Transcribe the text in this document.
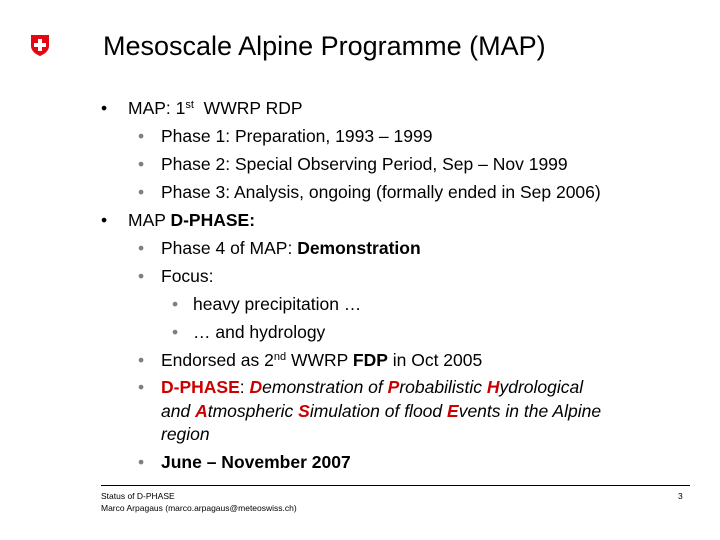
Mesoscale Alpine Programme (MAP)
• MAP: 1st  WWRP RDP
• Phase 1: Preparation, 1993 – 1999
• Phase 2: Special Observing Period, Sep – Nov 1999
• Phase 3: Analysis, ongoing (formally ended in Sep 2006)
• MAP D-PHASE:
• Phase 4 of MAP: Demonstration
• Focus:
• heavy precipitation …
• … and hydrology
• Endorsed as 2nd WWRP FDP in Oct 2005
• D-PHASE: Demonstration of Probabilistic Hydrological
and Atmospheric Simulation of flood Events in the Alpine
region
• June – November 2007
Status of D-PHASE
Marco Arpagaus (marco.arpagaus@meteoswiss.ch)
3
